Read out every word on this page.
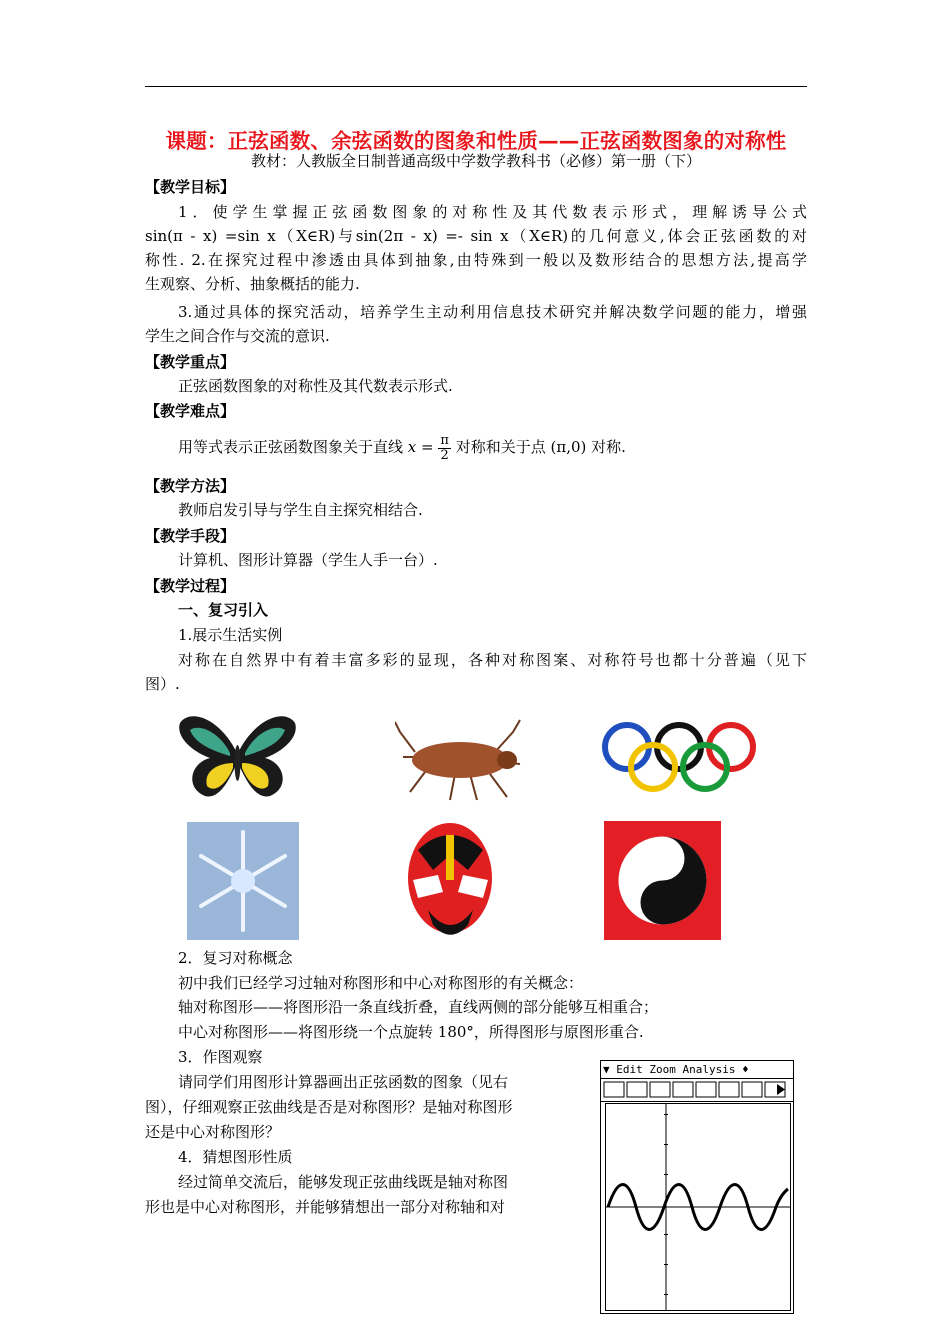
课题：正弦函数、余弦函数的图象和性质——正弦函数图象的对称性
教材：人教版全日制普通高级中学数学教科书（必修）第一册（下）
【教学目标】
1．使学生掌握正弦函数图象的对称性及其代数表示形式，理解诱导公式
sin(π - x) =sin x（X∈R)与sin(2π - x) =- sin x（X∈R)的几何意义,体会正弦函数的对
称性. 2.在探究过程中渗透由具体到抽象,由特殊到一般以及数形结合的思想方法,提高学
生观察、分析、抽象概括的能力.
3.通过具体的探究活动，培养学生主动利用信息技术研究并解决数学问题的能力，增强
学生之间合作与交流的意识.
【教学重点】
正弦函数图象的对称性及其代数表示形式.
【教学难点】
用等式表示正弦函数图象关于直线 $x = \frac{\pi}{2}$ 对称和关于点 (π,0) 对称.
【教学方法】
教师启发引导与学生自主探究相结合.
【教学手段】
计算机、图形计算器（学生人手一台）.
【教学过程】
一、复习引入
1.展示生活实例
对称在自然界中有着丰富多彩的显现，各种对称图案、对称符号也都十分普遍（见下
图）.
2．复习对称概念
初中我们已经学习过轴对称图形和中心对称图形的有关概念：
轴对称图形——将图形沿一条直线折叠，直线两侧的部分能够互相重合；
中心对称图形——将图形绕一个点旋转 180°，所得图形与原图形重合.
3．作图观察
请同学们用图形计算器画出正弦函数的图象（见右
图），仔细观察正弦曲线是否是对称图形？是轴对称图形
还是中心对称图形？
4．猜想图形性质
经过简单交流后，能够发现正弦曲线既是轴对称图
形也是中心对称图形，并能够猜想出一部分对称轴和对
▼ Edit Zoom Analysis ♦
